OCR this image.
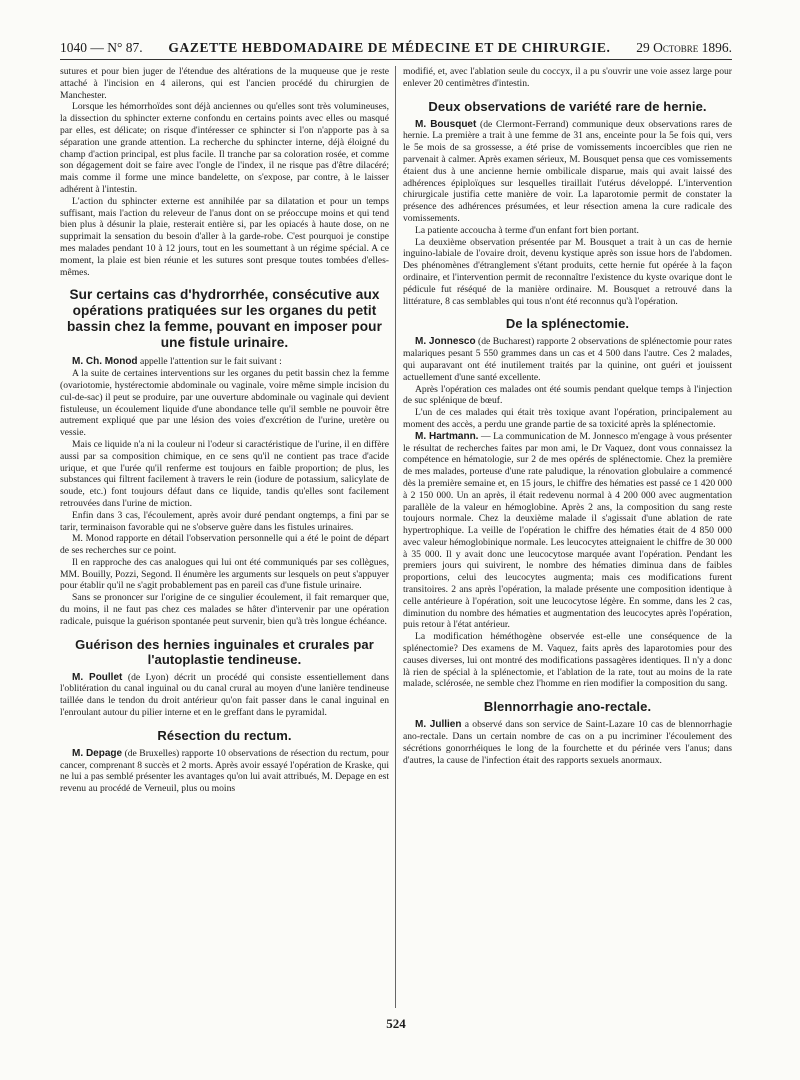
1040 — N° 87. GAZETTE HEBDOMADAIRE DE MÉDECINE ET DE CHIRURGIE. 29 Octobre 1896.

sutures et pour bien juger de l'étendue des altérations de la muqueuse que je reste attaché à l'incision en 4 ailerons, qui est l'ancien procédé du chirurgien de Manchester.

Lorsque les hémorrhoïdes sont déjà anciennes ou qu'elles sont très volumineuses, la dissection du sphincter externe confondu en certains points avec elles ou masqué par elles, est délicate; on risque d'intéresser ce sphincter si l'on n'apporte pas à sa séparation une grande attention. La recherche du sphincter interne, déjà éloigné du champ d'action principal, est plus facile. Il tranche par sa coloration rosée, et comme son dégagement doit se faire avec l'ongle de l'index, il ne risque pas d'être dilacéré; mais comme il forme une mince bandelette, on s'expose, par contre, à le laisser adhérent à l'intestin.

L'action du sphincter externe est annihilée par sa dilatation et pour un temps suffisant, mais l'action du releveur de l'anus dont on se préoccupe moins et qui tend bien plus à désunir la plaie, resterait entière si, par les opiacés à haute dose, on ne supprimait la sensation du besoin d'aller à la garde-robe. C'est pourquoi je constipe mes malades pendant 10 à 12 jours, tout en les soumettant à un régime spécial. A ce moment, la plaie est bien réunie et les sutures sont presque toutes tombées d'elles-mêmes.

Sur certains cas d'hydrorrhée, consécutive aux opérations pratiquées sur les organes du petit bassin chez la femme, pouvant en imposer pour une fistule urinaire.

M. Ch. Monod appelle l'attention sur le fait suivant :

A la suite de certaines interventions sur les organes du petit bassin chez la femme (ovariotomie, hystérectomie abdominale ou vaginale, voire même simple incision du cul-de-sac) il peut se produire, par une ouverture abdominale ou vaginale qui devient fistuleuse, un écoulement liquide d'une abondance telle qu'il semble ne pouvoir être autrement expliqué que par une lésion des voies d'excrétion de l'urine, uretère ou vessie.

Mais ce liquide n'a ni la couleur ni l'odeur si caractéristique de l'urine, il en diffère aussi par sa composition chimique, en ce sens qu'il ne contient pas trace d'acide urique, et que l'urée qu'il renferme est toujours en faible proportion; de plus, les substances qui filtrent facilement à travers le rein (iodure de potassium, salicylate de soude, etc.) font toujours défaut dans ce liquide, tandis qu'elles sont facilement retrouvées dans l'urine de miction.

Enfin dans 3 cas, l'écoulement, après avoir duré pendant ongtemps, a fini par se tarir, terminaison favorable qui ne s'observe guère dans les fistules urinaires.

M. Monod rapporte en détail l'observation personnelle qui a été le point de départ de ses recherches sur ce point.

Il en rapproche des cas analogues qui lui ont été communiqués par ses collègues, MM. Bouilly, Pozzi, Segond. Il énumère les arguments sur lesquels on peut s'appuyer pour établir qu'il ne s'agit probablement pas en pareil cas d'une fistule urinaire.

Sans se prononcer sur l'origine de ce singulier écoulement, il fait remarquer que, du moins, il ne faut pas chez ces malades se hâter d'intervenir par une opération radicale, puisque la guérison spontanée peut survenir, bien qu'à très longue échéance.

Guérison des hernies inguinales et crurales par l'autoplastie tendineuse.

M. Poullet (de Lyon) décrit un procédé qui consiste essentiellement dans l'oblitération du canal inguinal ou du canal crural au moyen d'une lanière tendineuse taillée dans le tendon du droit antérieur qu'on fait passer dans le canal inguinal en l'enroulant autour du pilier interne et en le greffant dans le pyramidal.

Résection du rectum.

M. Depage (de Bruxelles) rapporte 10 observations de résection du rectum, pour cancer, comprenant 8 succès et 2 morts. Après avoir essayé l'opération de Kraske, qui ne lui a pas semblé présenter les avantages qu'on lui avait attribués, M. Depage en est revenu au procédé de Verneuil, plus ou moins

modifié, et, avec l'ablation seule du coccyx, il a pu s'ouvrir une voie assez large pour enlever 20 centimètres d'intestin.

Deux observations de variété rare de hernie.

M. Bousquet (de Clermont-Ferrand) communique deux observations rares de hernie. La première a trait à une femme de 31 ans, enceinte pour la 5e fois qui, vers le 5e mois de sa grossesse, a été prise de vomissements incoercibles que rien ne parvenait à calmer. Après examen sérieux, M. Bousquet pensa que ces vomissements étaient dus à une ancienne hernie ombilicale disparue, mais qui avait laissé des adhérences épiploïques sur lesquelles tiraillait l'utérus développé. L'intervention chirurgicale justifia cette manière de voir. La laparotomie permit de constater la présence des adhérences présumées, et leur résection amena la cure radicale des vomissements.

La patiente accoucha à terme d'un enfant fort bien portant.

La deuxième observation présentée par M. Bousquet a trait à un cas de hernie inguino-labiale de l'ovaire droit, devenu kystique après son issue hors de l'abdomen. Des phénomènes d'étranglement s'étant produits, cette hernie fut opérée à la façon ordinaire, et l'intervention permit de reconnaître l'existence du kyste ovarique dont le pédicule fut réséqué de la manière ordinaire. M. Bousquet a retrouvé dans la littérature, 8 cas semblables qui tous n'ont été reconnus qu'à l'opération.

De la splénectomie.

M. Jonnesco (de Bucharest) rapporte 2 observations de splénectomie pour rates malariques pesant 5 550 grammes dans un cas et 4 500 dans l'autre. Ces 2 malades, qui auparavant ont été inutilement traités par la quinine, ont guéri et jouissent actuellement d'une santé excellente.

Après l'opération ces malades ont été soumis pendant quelque temps à l'injection de suc splénique de bœuf.

L'un de ces malades qui était très toxique avant l'opération, principalement au moment des accès, a perdu une grande partie de sa toxicité après la splénectomie.

M. Hartmann. — La communication de M. Jonnesco m'engage à vous présenter le résultat de recherches faites par mon ami, le Dr Vaquez, dont vous connaissez la compétence en hématologie, sur 2 de mes opérés de splénectomie. Chez la première de mes malades, porteuse d'une rate paludique, la rénovation globulaire a commencé dès la première semaine et, en 15 jours, le chiffre des hématies est passé ce 1 420 000 à 2 150 000. Un an après, il était redevenu normal à 4 200 000 avec augmentation parallèle de la valeur en hémoglobine. Après 2 ans, la composition du sang reste toujours normale. Chez la deuxième malade il s'agissait d'une ablation de rate hypertrophique. La veille de l'opération le chiffre des hématies était de 4 850 000 avec valeur hémoglobinique normale. Les leucocytes atteignaient le chiffre de 30 000 à 35 000. Il y avait donc une leucocytose marquée avant l'opération. Pendant les premiers jours qui suivirent, le nombre des hématies diminua dans de faibles proportions, celui des leucocytes augmenta; mais ces modifications furent transitoires. 2 ans après l'opération, la malade présente une composition identique à celle antérieure à l'opération, soit une leucocytose légère. En somme, dans les 2 cas, diminution du nombre des hématies et augmentation des leucocytes après l'opération, puis retour à l'état antérieur.

La modification héméthogène observée est-elle une conséquence de la splénectomie? Des examens de M. Vaquez, faits après des laparotomies pour des causes diverses, lui ont montré des modifications passagères identiques. Il n'y a donc là rien de spécial à la splénectomie, et l'ablation de la rate, tout au moins de la rate malade, sclérosée, ne semble chez l'homme en rien modifier la composition du sang.

Blennorrhagie ano-rectale.

M. Jullien a observé dans son service de Saint-Lazare 10 cas de blennorrhagie ano-rectale. Dans un certain nombre de cas on a pu incriminer l'écoulement des sécrétions gonorrhéiques le long de la fourchette et du périnée vers l'anus; dans d'autres, la cause de l'infection était des rapports sexuels anormaux.

524
